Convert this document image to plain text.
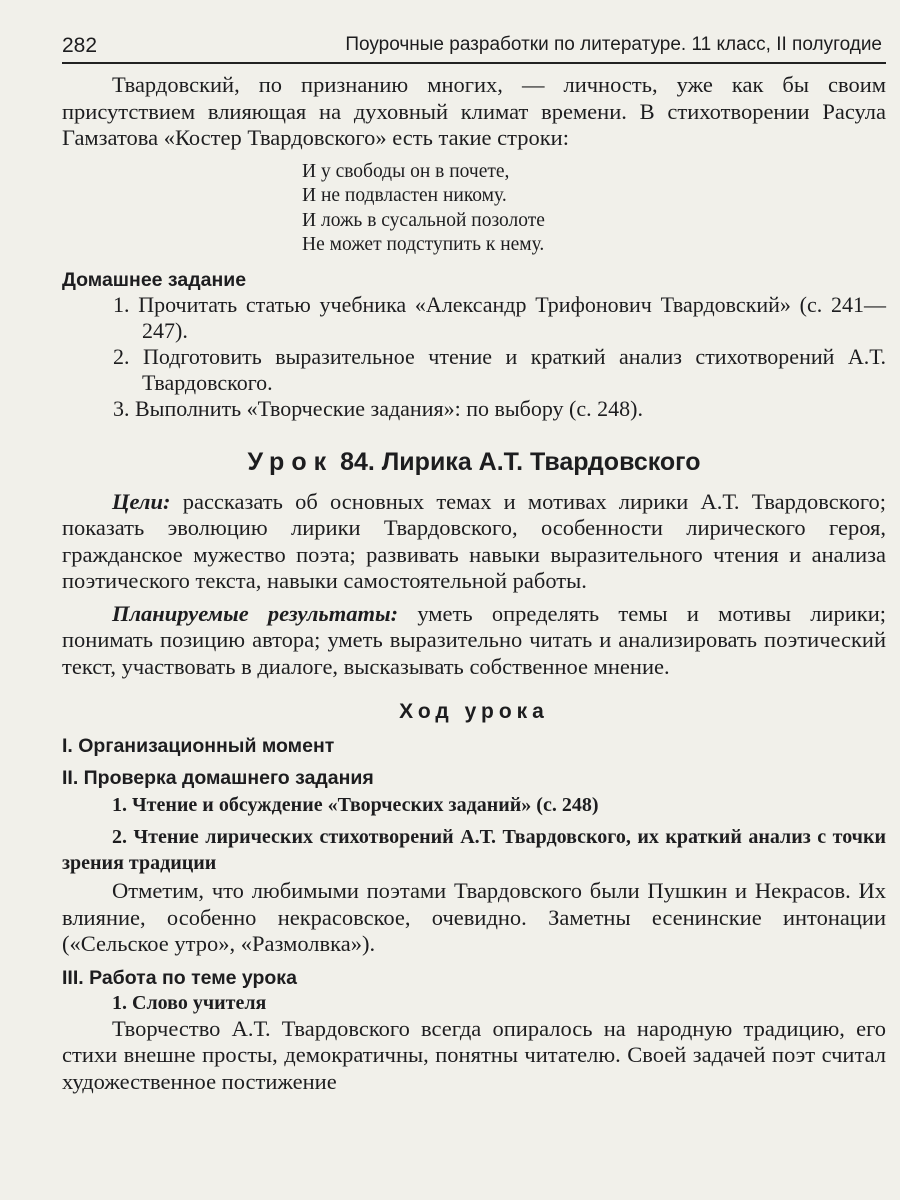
282	Поурочные разработки по литературе. 11 класс, II полугодие

Твардовский, по признанию многих, — личность, уже как бы своим присутствием влияющая на духовный климат времени. В стихотворении Расула Гамзатова «Костер Твардовского» есть такие строки:

И у свободы он в почете,
И не подвластен никому.
И ложь в сусальной позолоте
Не может подступить к нему.
Домашнее задание
1. Прочитать статью учебника «Александр Трифонович Твардовский» (с. 241—247).
2. Подготовить выразительное чтение и краткий анализ стихотворений А.Т. Твардовского.
3. Выполнить «Творческие задания»: по выбору (с. 248).
Урок 84. Лирика А.Т. Твардовского

Цели: рассказать об основных темах и мотивах лирики А.Т. Твардовского; показать эволюцию лирики Твардовского, особенности лирического героя, гражданское мужество поэта; развивать навыки выразительного чтения и анализа поэтического текста, навыки самостоятельной работы.

Планируемые результаты: уметь определять темы и мотивы лирики; понимать позицию автора; уметь выразительно читать и анализировать поэтический текст, участвовать в диалоге, высказывать собственное мнение.

Ход урока
I. Организационный момент
II. Проверка домашнего задания
1. Чтение и обсуждение «Творческих заданий» (с. 248)
2. Чтение лирических стихотворений А.Т. Твардовского, их краткий анализ с точки зрения традиции

Отметим, что любимыми поэтами Твардовского были Пушкин и Некрасов. Их влияние, особенно некрасовское, очевидно. Заметны есенинские интонации («Сельское утро», «Размолвка»).

III. Работа по теме урока
1. Слово учителя

Творчество А.Т. Твардовского всегда опиралось на народную традицию, его стихи внешне просты, демократичны, понятны читателю. Своей задачей поэт считал художественное постижение
